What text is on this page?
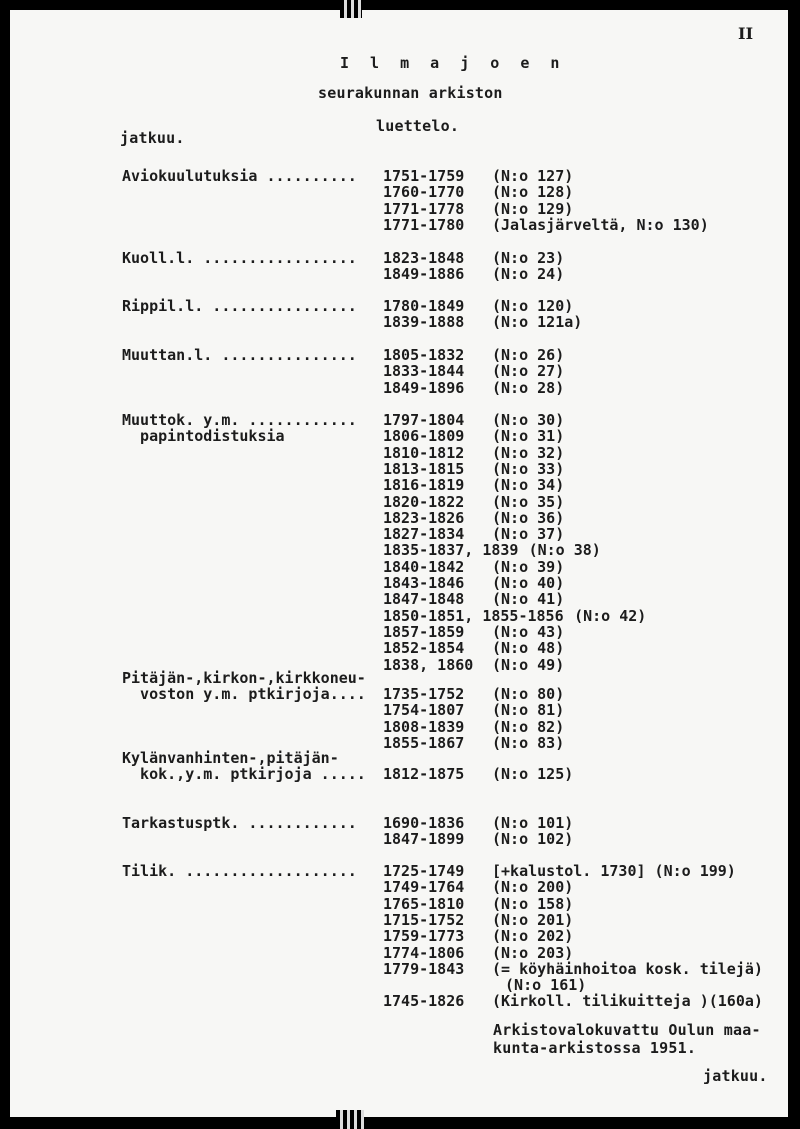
II
I l m a j o e n
seurakunnan arkiston
luettelo.
jatkuu.
Aviokuulutuksia .......... 1751-1759 (N:o 127)
1760-1770 (N:o 128)
1771-1778 (N:o 129)
1771-1780 (Jalasjärveltä, N:o 130)
Kuoll.l. ................. 1823-1848 (N:o 23)
1849-1886 (N:o 24)
Rippil.l. ................ 1780-1849 (N:o 120)
1839-1888 (N:o 121a)
Muuttan.l. ............... 1805-1832 (N:o 26)
1833-1844 (N:o 27)
1849-1896 (N:o 28)
Muuttok. y.m. ............
papintodistuksia
1797-1804 (N:o 30)
1806-1809 (N:o 31)
1810-1812 (N:o 32)
1813-1815 (N:o 33)
1816-1819 (N:o 34)
1820-1822 (N:o 35)
1823-1826 (N:o 36)
1827-1834 (N:o 37)
1835-1837, 1839 (N:o 38)
1840-1842 (N:o 39)
1843-1846 (N:o 40)
1847-1848 (N:o 41)
1850-1851, 1855-1856 (N:o 42)
1857-1859 (N:o 43)
1852-1854 (N:o 48)
1838, 1860 (N:o 49)
Pitäjän-,kirkon-,kirkkoneu-
voston y.m. ptkirjoja.... 1735-1752 (N:o 80)
1754-1807 (N:o 81)
1808-1839 (N:o 82)
1855-1867 (N:o 83)
Kylänvanhinten-,pitäjän-
kok.,y.m. ptkirjoja ..... 1812-1875 (N:o 125)
Tarkastusptk. ............ 1690-1836 (N:o 101)
1847-1899 (N:o 102)
Tilik. ................... 1725-1749 [+kalustol. 1730] (N:o 199)
1749-1764 (N:o 200)
1765-1810 (N:o 158)
1715-1752 (N:o 201)
1759-1773 (N:o 202)
1774-1806 (N:o 203)
1779-1843 (= köyhäinhoitoa kosk. tilejä)
(N:o 161)
1745-1826 (Kirkoll. tilikuitteja )(160a)
Arkistovalokuvattu Oulun maa-
kunta-arkistossa 1951.
jatkuu.
